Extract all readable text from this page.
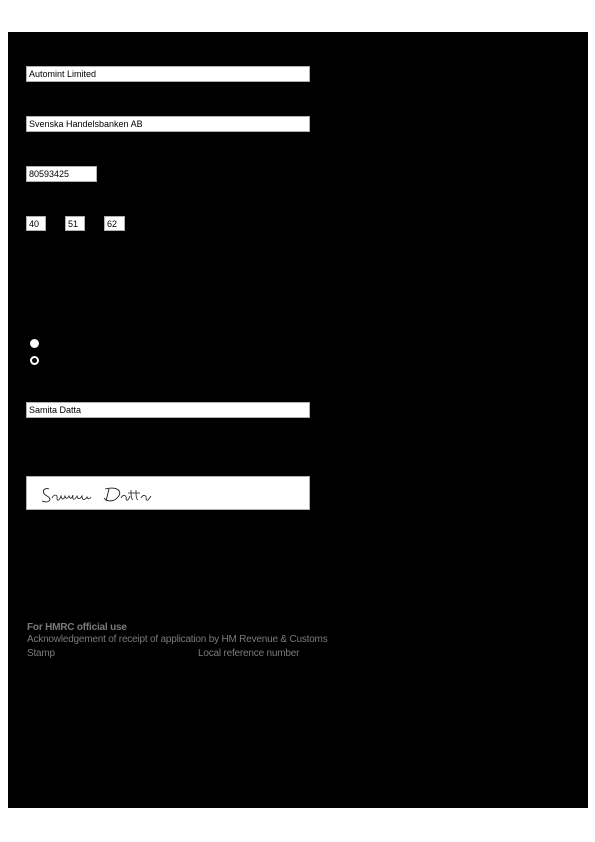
Automint Limited
Svenska Handelsbanken AB
80593425
40	51	62
Samita Datta
For HMRC official use
Acknowledgement of receipt of application by HM Revenue & Customs
Stamp	Local reference number
